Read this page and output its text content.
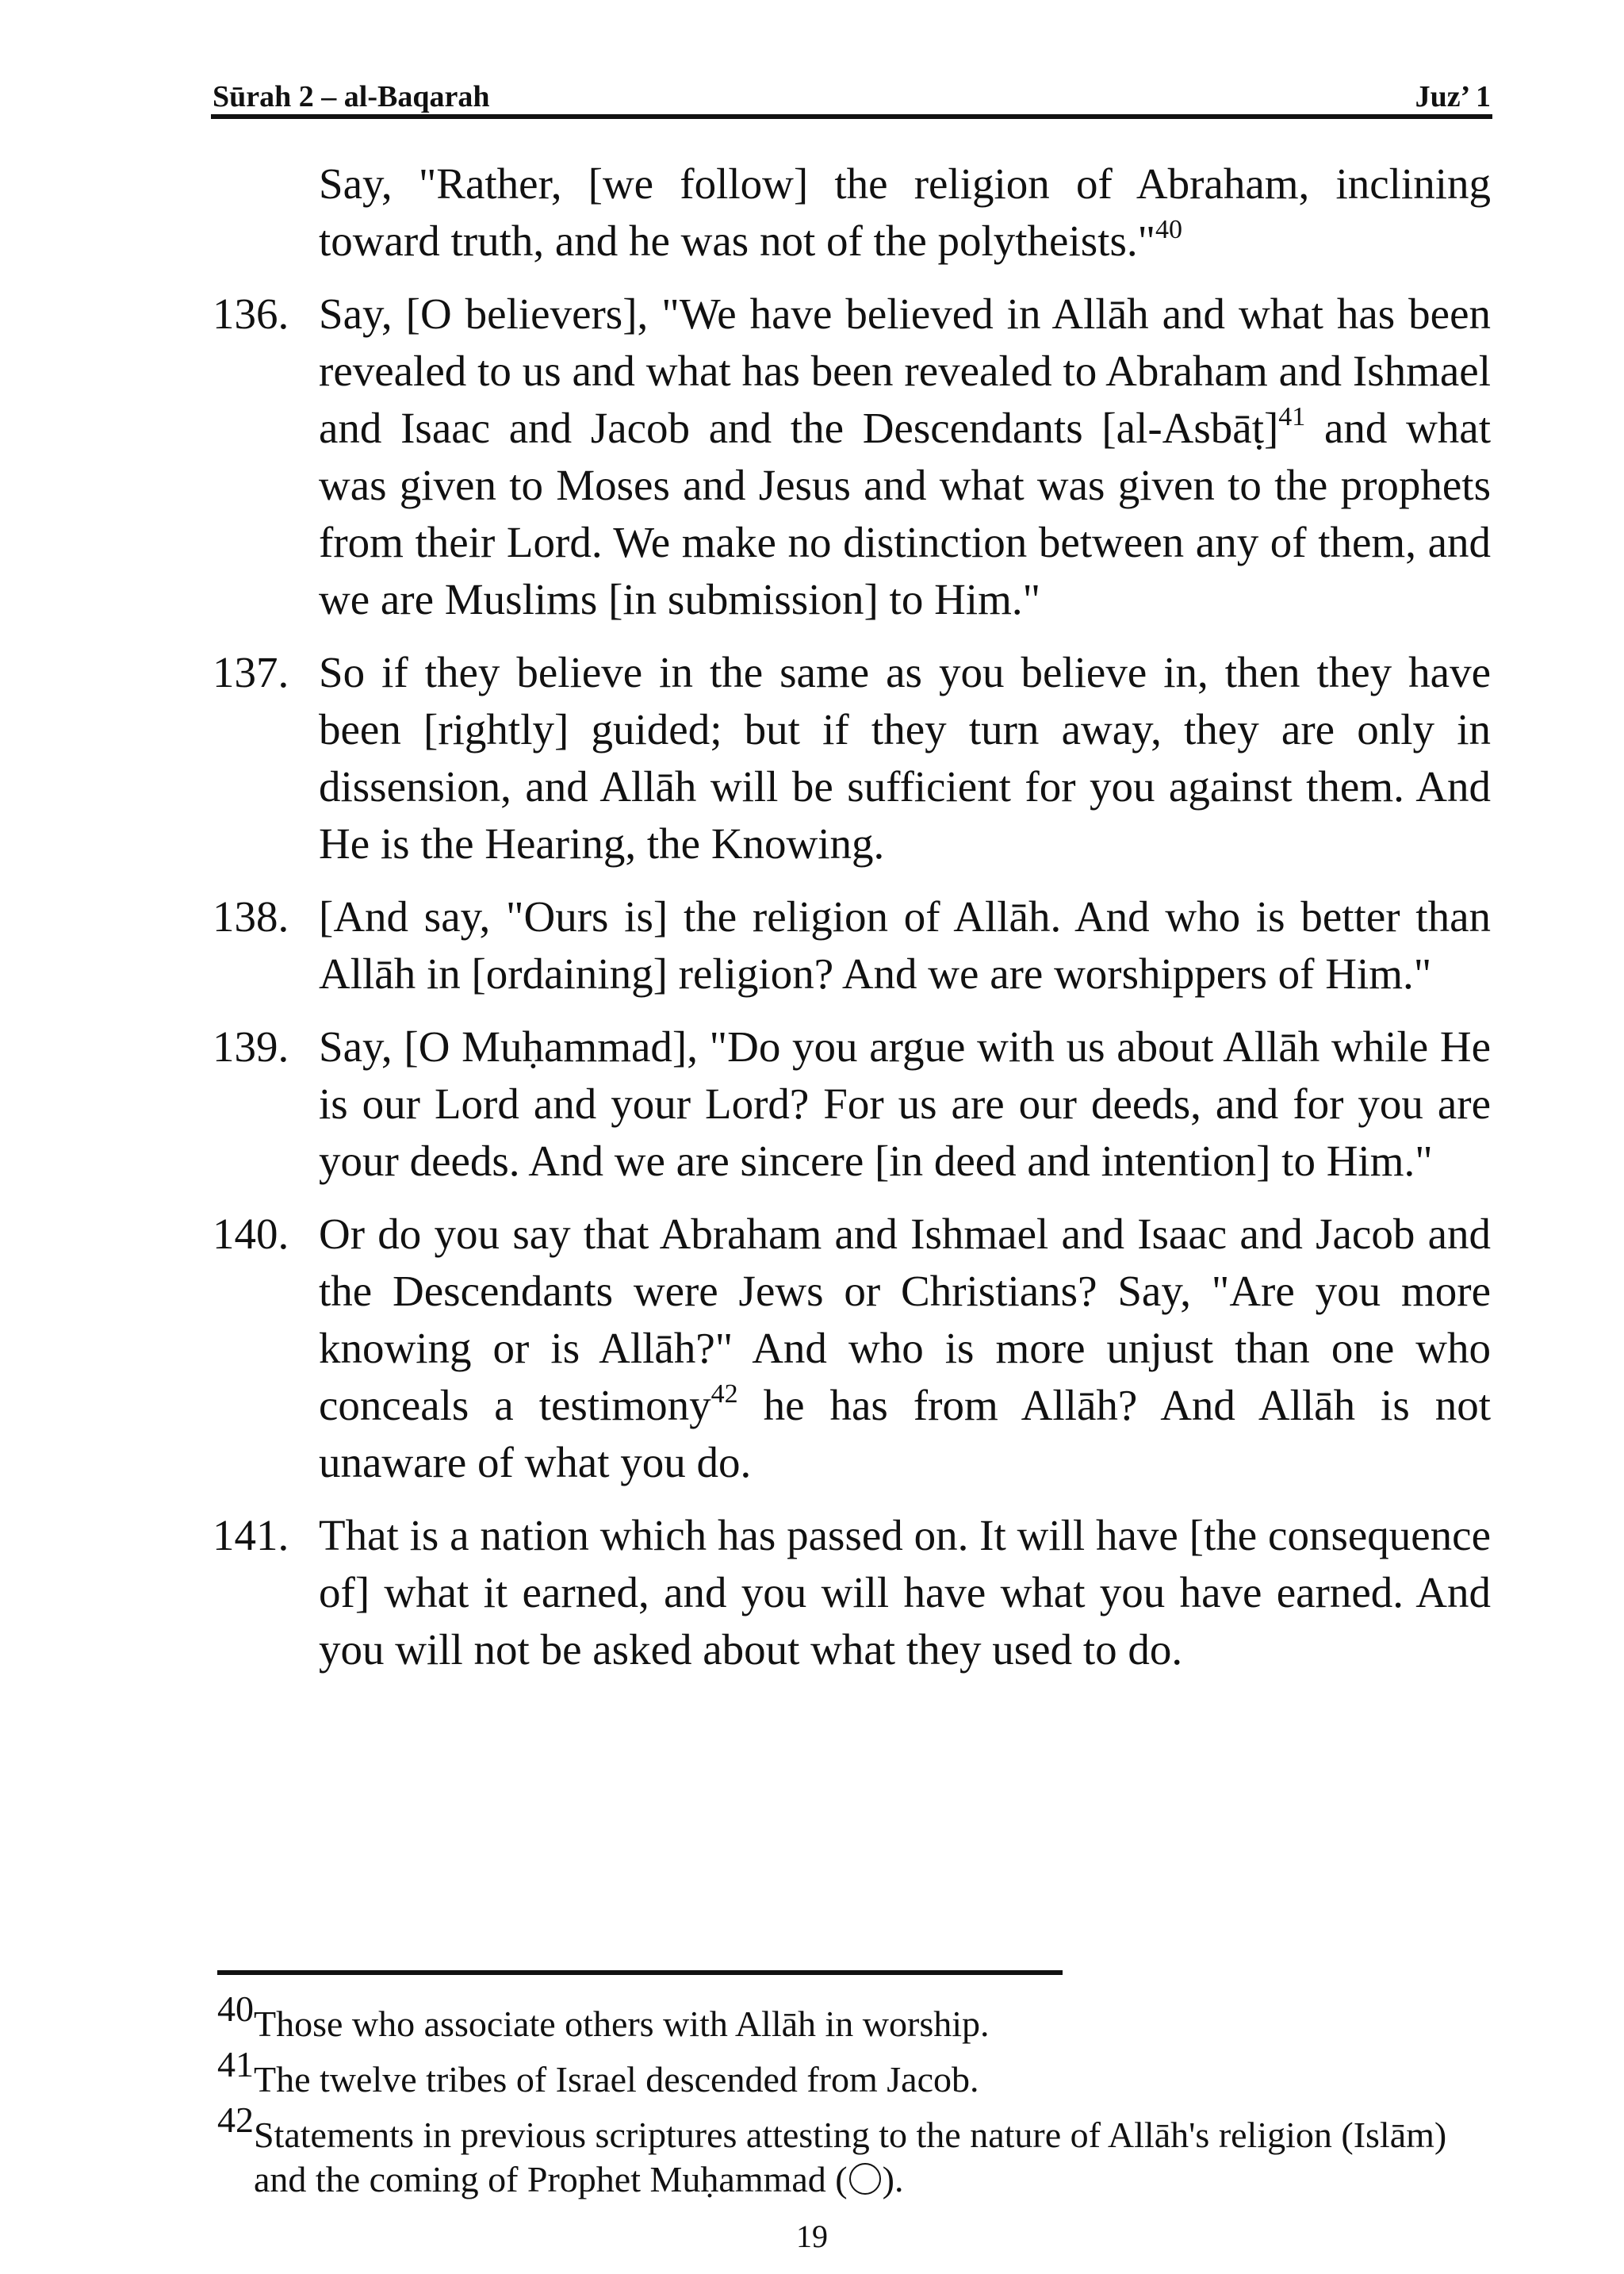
Sūrah 2 – al-Baqarah	Juz’ 1
Say, "Rather, [we follow] the religion of Abraham, inclining toward truth, and he was not of the polytheists."$^{40}$
136. Say, [O believers], "We have believed in Allāh and what has been revealed to us and what has been revealed to Abraham and Ishmael and Isaac and Jacob and the Descendants [al-Asbāṭ]$^{41}$ and what was given to Moses and Jesus and what was given to the prophets from their Lord. We make no distinction between any of them, and we are Muslims [in submission] to Him."
137. So if they believe in the same as you believe in, then they have been [rightly] guided; but if they turn away, they are only in dissension, and Allāh will be sufficient for you against them. And He is the Hearing, the Knowing.
138. [And say, "Ours is] the religion of Allāh. And who is better than Allāh in [ordaining] religion? And we are worshippers of Him."
139. Say, [O Muḥammad], "Do you argue with us about Allāh while He is our Lord and your Lord? For us are our deeds, and for you are your deeds. And we are sincere [in deed and intention] to Him."
140. Or do you say that Abraham and Ishmael and Isaac and Jacob and the Descendants were Jews or Christians? Say, "Are you more knowing or is Allāh?" And who is more unjust than one who conceals a testimony$^{42}$ he has from Allāh? And Allāh is not unaware of what you do.
141. That is a nation which has passed on. It will have [the consequence of] what it earned, and you will have what you have earned. And you will not be asked about what they used to do.
40 Those who associate others with Allāh in worship.
41 The twelve tribes of Israel descended from Jacob.
42 Statements in previous scriptures attesting to the nature of Allāh's religion (Islām) and the coming of Prophet Muḥammad ( ).
19
